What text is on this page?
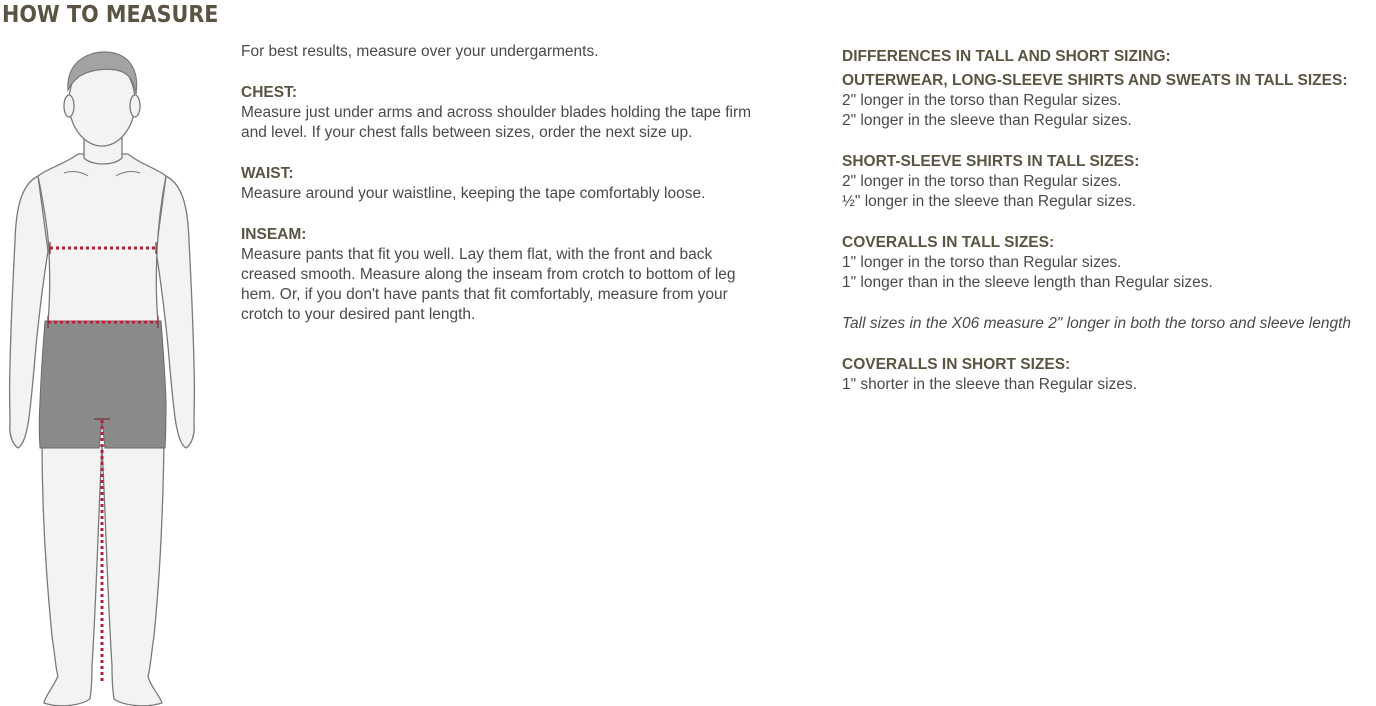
HOW TO MEASURE

For best results, measure over your undergarments.

CHEST:

Measure just under arms and across shoulder blades holding the tape firm

and level. If your chest falls between sizes, order the next size up.

WAIST:

Measure around your waistline, keeping the tape comfortably loose.

INSEAM:

Measure pants that fit you well. Lay them flat, with the front and back

creased smooth. Measure along the inseam from crotch to bottom of leg

hem. Or, if you don't have pants that fit comfortably, measure from your

crotch to your desired pant length.

DIFFERENCES IN TALL AND SHORT SIZING:

OUTERWEAR, LONG-SLEEVE SHIRTS AND SWEATS IN TALL SIZES:

2" longer in the torso than Regular sizes.

2" longer in the sleeve than Regular sizes.

SHORT-SLEEVE SHIRTS IN TALL SIZES:

2" longer in the torso than Regular sizes.

½" longer in the sleeve than Regular sizes.

COVERALLS IN TALL SIZES:

1" longer in the torso than Regular sizes.

1" longer than in the sleeve length than Regular sizes.

Tall sizes in the X06 measure 2" longer in both the torso and sleeve length

COVERALLS IN SHORT SIZES:

1" shorter in the sleeve than Regular sizes.
